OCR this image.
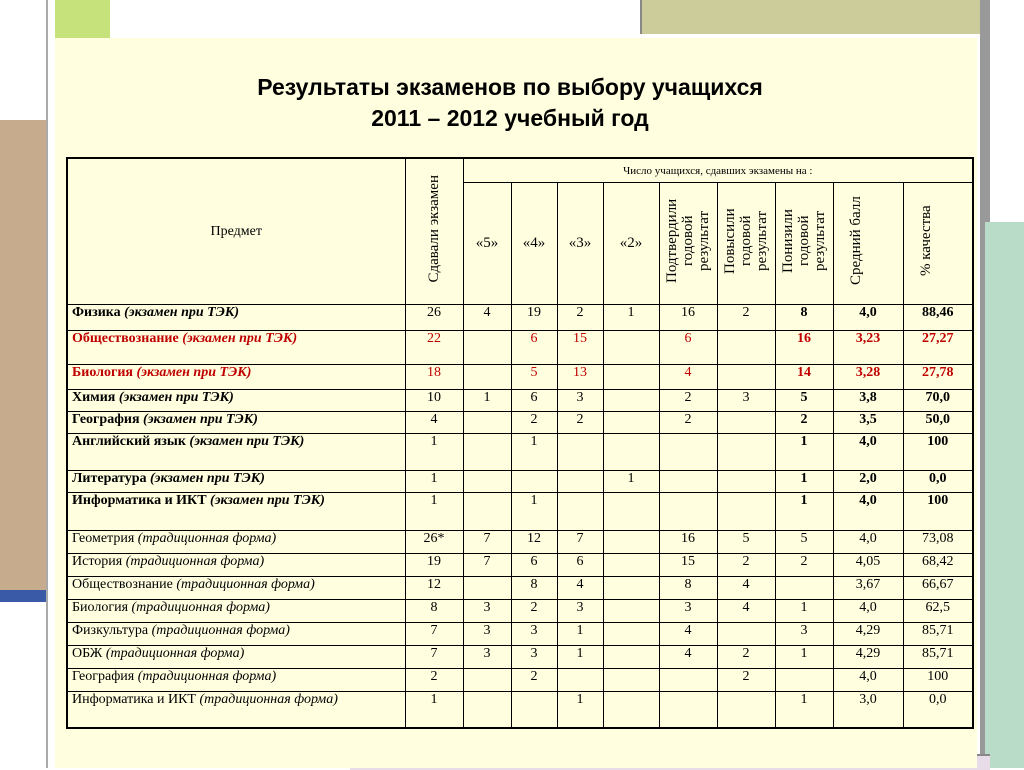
Результаты экзаменов по выбору учащихся
2011 – 2012 учебный год
Предмет	Сдавали экзамен	Число учащихся, сдавших экзамены на :								
		«5»	«4»	«3»	«2»	Подтвердили годовой результат	Повысили годовой результат	Понизили годовой результат	Средний балл	% качества
Физика (экзамен при ТЭК)	26	4	19	2	1	16	2	8	4,0	88,46
Обществознание (экзамен при ТЭК)	22		6	15		6		16	3,23	27,27
Биология (экзамен при ТЭК)	18		5	13		4		14	3,28	27,78
Химия (экзамен при ТЭК)	10	1	6	3		2	3	5	3,8	70,0
География (экзамен при ТЭК)	4		2	2		2		2	3,5	50,0
Английский язык (экзамен при ТЭК)	1		1					1	4,0	100
Литература (экзамен при ТЭК)	1				1			1	2,0	0,0
Информатика и ИКТ (экзамен при ТЭК)	1		1					1	4,0	100
Геометрия (традиционная форма)	26*	7	12	7		16	5	5	4,0	73,08
История (традиционная форма)	19	7	6	6		15	2	2	4,05	68,42
Обществознание (традиционная форма)	12		8	4		8	4		3,67	66,67
Биология (традиционная форма)	8	3	2	3		3	4	1	4,0	62,5
Физкультура (традиционная форма)	7	3	3	1		4		3	4,29	85,71
ОБЖ (традиционная форма)	7	3	3	1		4	2	1	4,29	85,71
География (традиционная форма)	2		2				2		4,0	100
Информатика и ИКТ (традиционная форма)	1			1				1	3,0	0,0
